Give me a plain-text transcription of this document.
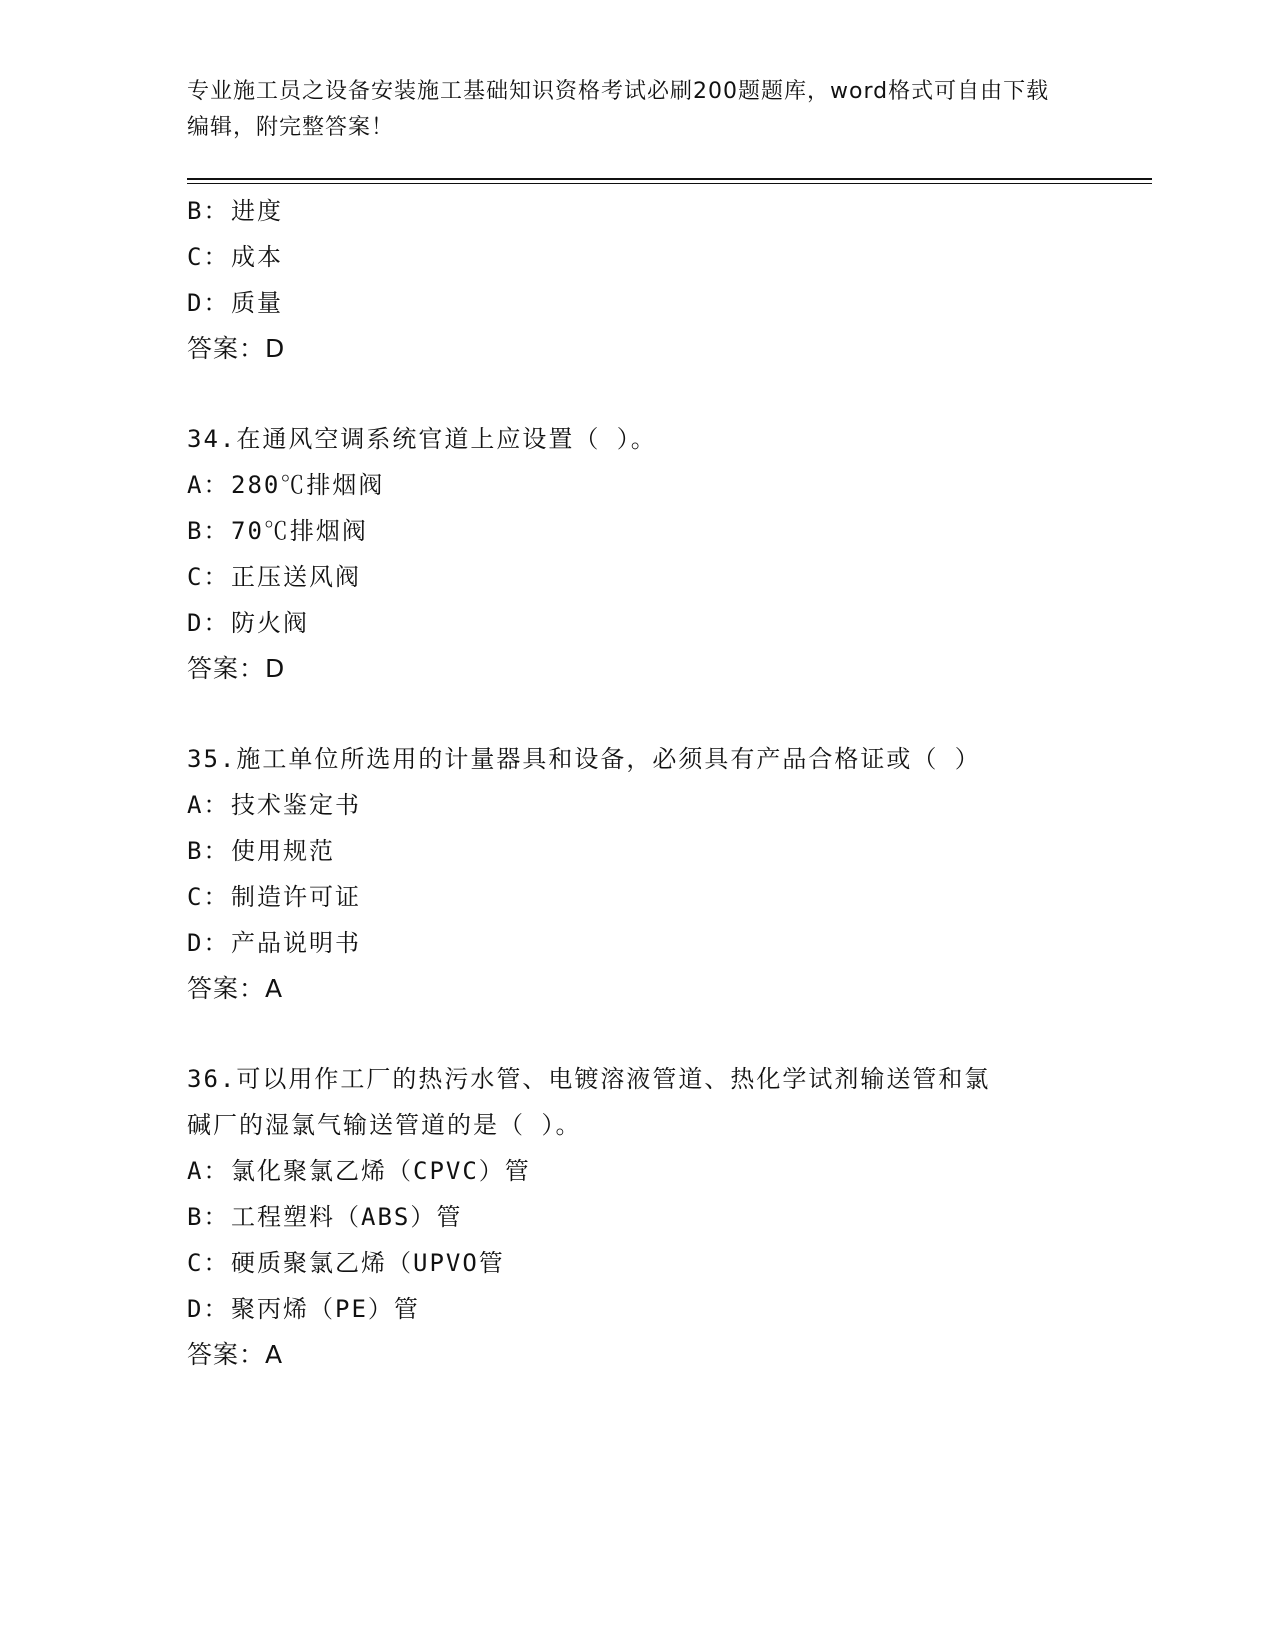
专业施工员之设备安装施工基础知识资格考试必刷200题题库，word格式可自由下载编辑，附完整答案！
B：进度
C：成本
D：质量
答案：D
34.在通风空调系统官道上应设置（ ）。
A：280℃排烟阀
B：70℃排烟阀
C：正压送风阀
D：防火阀
答案：D
35.施工单位所选用的计量器具和设备，必须具有产品合格证或（ ）
A：技术鉴定书
B：使用规范
C：制造许可证
D：产品说明书
答案：A
36.可以用作工厂的热污水管、电镀溶液管道、热化学试剂输送管和氯
碱厂的湿氯气输送管道的是（ ）。
A：氯化聚氯乙烯（CPVC）管
B：工程塑料（ABS）管
C：硬质聚氯乙烯（UPVO管
D：聚丙烯（PE）管
答案：A
